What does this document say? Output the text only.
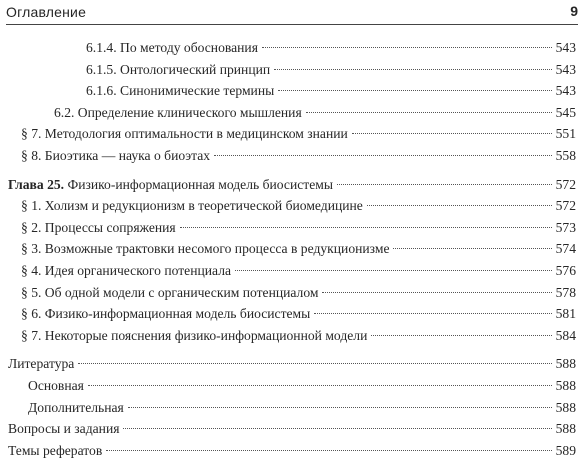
Оглавление	9
6.1.4. По методу обоснования	543
6.1.5. Онтологический принцип	543
6.1.6. Синонимические термины	543
6.2. Определение клинического мышления	545
§ 7. Методология оптимальности в медицинском знании	551
§ 8. Биоэтика — наука о биоэтах	558
Глава 25. Физико-информационная модель биосистемы	572
§ 1. Холизм и редукционизм в теоретической биомедицине	572
§ 2. Процессы сопряжения	573
§ 3. Возможные трактовки несомого процесса в редукционизме	574
§ 4. Идея органического потенциала	576
§ 5. Об одной модели с органическим потенциалом	578
§ 6. Физико-информационная модель биосистемы	581
§ 7. Некоторые пояснения физико-информационной модели	584
Литература	588
Основная	588
Дополнительная	588
Вопросы и задания	588
Темы рефератов	589
